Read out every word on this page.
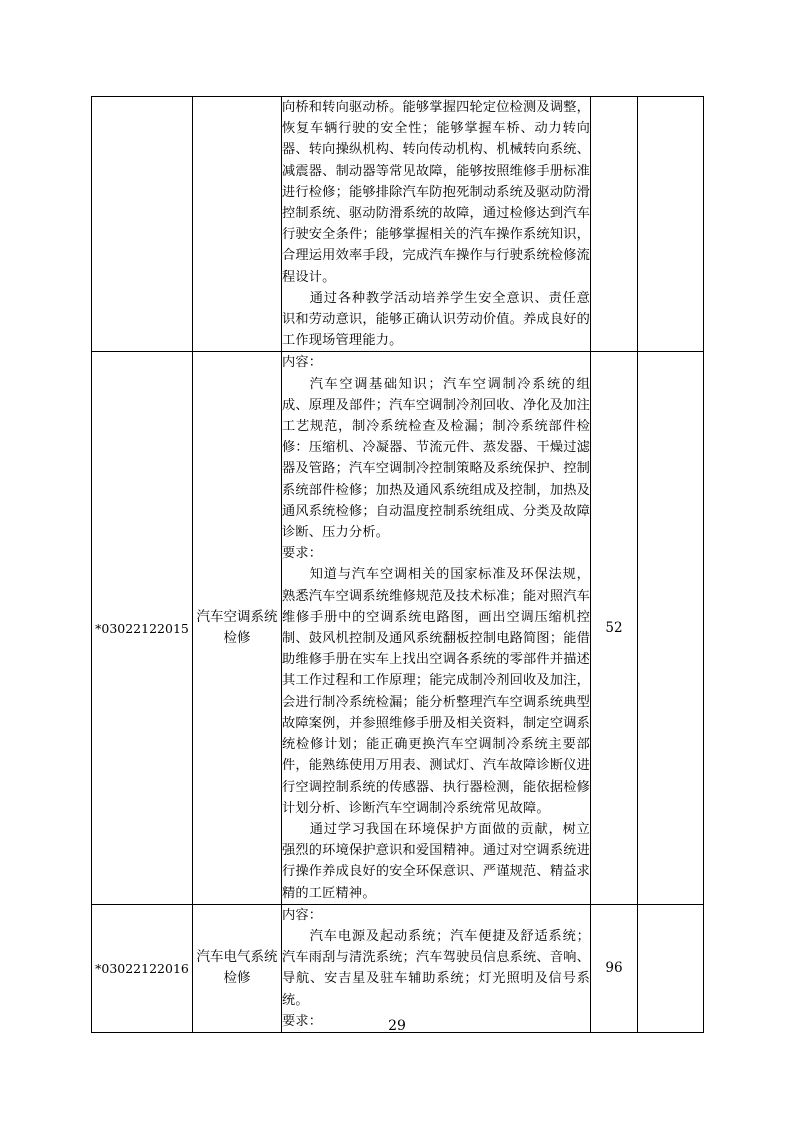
		向桥和转向驱动桥。能够掌握四轮定位检测及调整，恢复车辆行驶的安全性；能够掌握车桥、动力转向器、转向操纵机构、转向传动机构、机械转向系统、减震器、制动器等常见故障，能够按照维修手册标准进行检修；能够排除汽车防抱死制动系统及驱动防滑控制系统、驱动防滑系统的故障，通过检修达到汽车行驶安全条件；能够掌握相关的汽车操作系统知识，合理运用效率手段，完成汽车操作与行驶系统检修流程设计。

通过各种教学活动培养学生安全意识、责任意识和劳动意识，能够正确认识劳动价值。养成良好的工作现场管理能力。		

*03022122015	汽车空调系统检修	内容：

汽车空调基础知识；汽车空调制冷系统的组成、原理及部件；汽车空调制冷剂回收、净化及加注工艺规范，制冷系统检查及检漏；制冷系统部件检修：压缩机、冷凝器、节流元件、蒸发器、干燥过滤器及管路；汽车空调制冷控制策略及系统保护、控制系统部件检修；加热及通风系统组成及控制，加热及通风系统检修；自动温度控制系统组成、分类及故障诊断、压力分析。

要求：

知道与汽车空调相关的国家标准及环保法规，熟悉汽车空调系统维修规范及技术标准；能对照汽车维修手册中的空调系统电路图，画出空调压缩机控制、鼓风机控制及通风系统翻板控制电路简图；能借助维修手册在实车上找出空调各系统的零部件并描述其工作过程和工作原理；能完成制冷剂回收及加注，会进行制冷系统检漏；能分析整理汽车空调系统典型故障案例，并参照维修手册及相关资料，制定空调系统检修计划；能正确更换汽车空调制冷系统主要部件，能熟练使用万用表、测试灯、汽车故障诊断仪进行空调控制系统的传感器、执行器检测，能依据检修计划分析、诊断汽车空调制冷系统常见故障。

通过学习我国在环境保护方面做的贡献，树立强烈的环境保护意识和爱国精神。通过对空调系统进行操作养成良好的安全环保意识、严谨规范、精益求精的工匠精神。	52	
*03022122016	汽车电气系统检修	内容：

汽车电源及起动系统；汽车便捷及舒适系统；汽车雨刮与清洗系统；汽车驾驶员信息系统、音响、导航、安吉星及驻车辅助系统；灯光照明及信号系统。

要求：	96	
29
